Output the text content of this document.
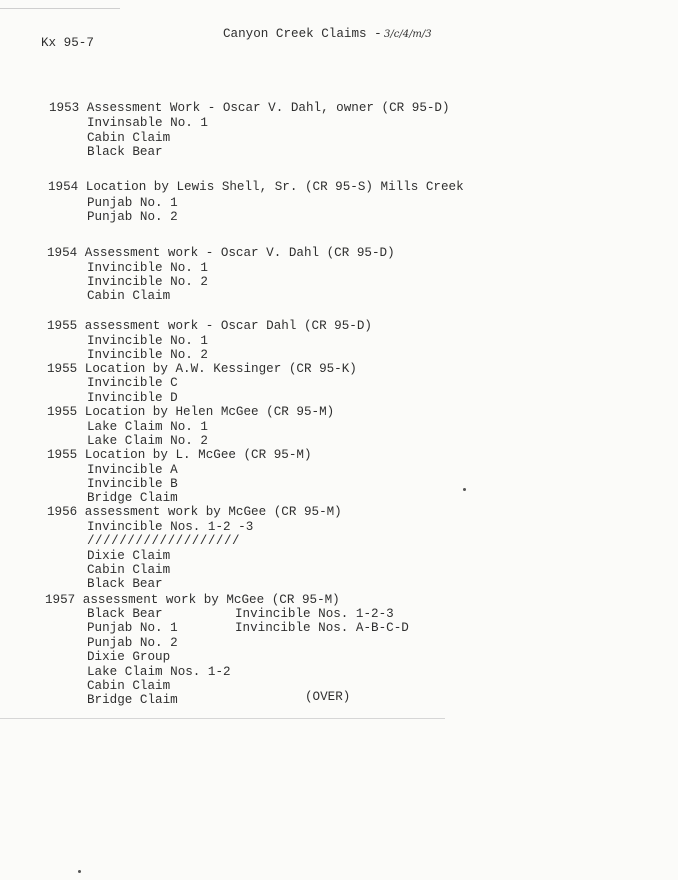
Kx 95-7
Canyon Creek Claims - 3/c/4/m/3
1953 Assessment Work - Oscar V. Dahl, owner (CR 95-D)
Invinsable No. 1
Cabin Claim
Black Bear
1954 Location by Lewis Shell, Sr. (CR 95-S) Mills Creek
Punjab No. 1
Punjab No. 2
1954 Assessment work - Oscar V. Dahl (CR 95-D)
Invincible No. 1
Invincible No. 2
Cabin Claim
1955 assessment work - Oscar Dahl (CR 95-D)
Invincible No. 1
Invincible No. 2
1955 Location by A.W. Kessinger (CR 95-K)
Invincible C
Invincible D
1955 Location by Helen McGee (CR 95-M)
Lake Claim No. 1
Lake Claim No. 2
1955 Location by L. McGee (CR 95-M)
Invincible A
Invincible B
Bridge Claim
1956 assessment work by McGee (CR 95-M)
Invincible Nos. 1-2 -3
///////////////////
Dixie Claim
Cabin Claim
Black Bear
1957 assessment work by McGee (CR 95-M)
Black Bear
Punjab No. 1
Punjab No. 2
Dixie Group
Lake Claim Nos. 1-2
Cabin Claim
Bridge Claim
Invincible Nos. 1-2-3
Invincible Nos. A-B-C-D
(OVER)
